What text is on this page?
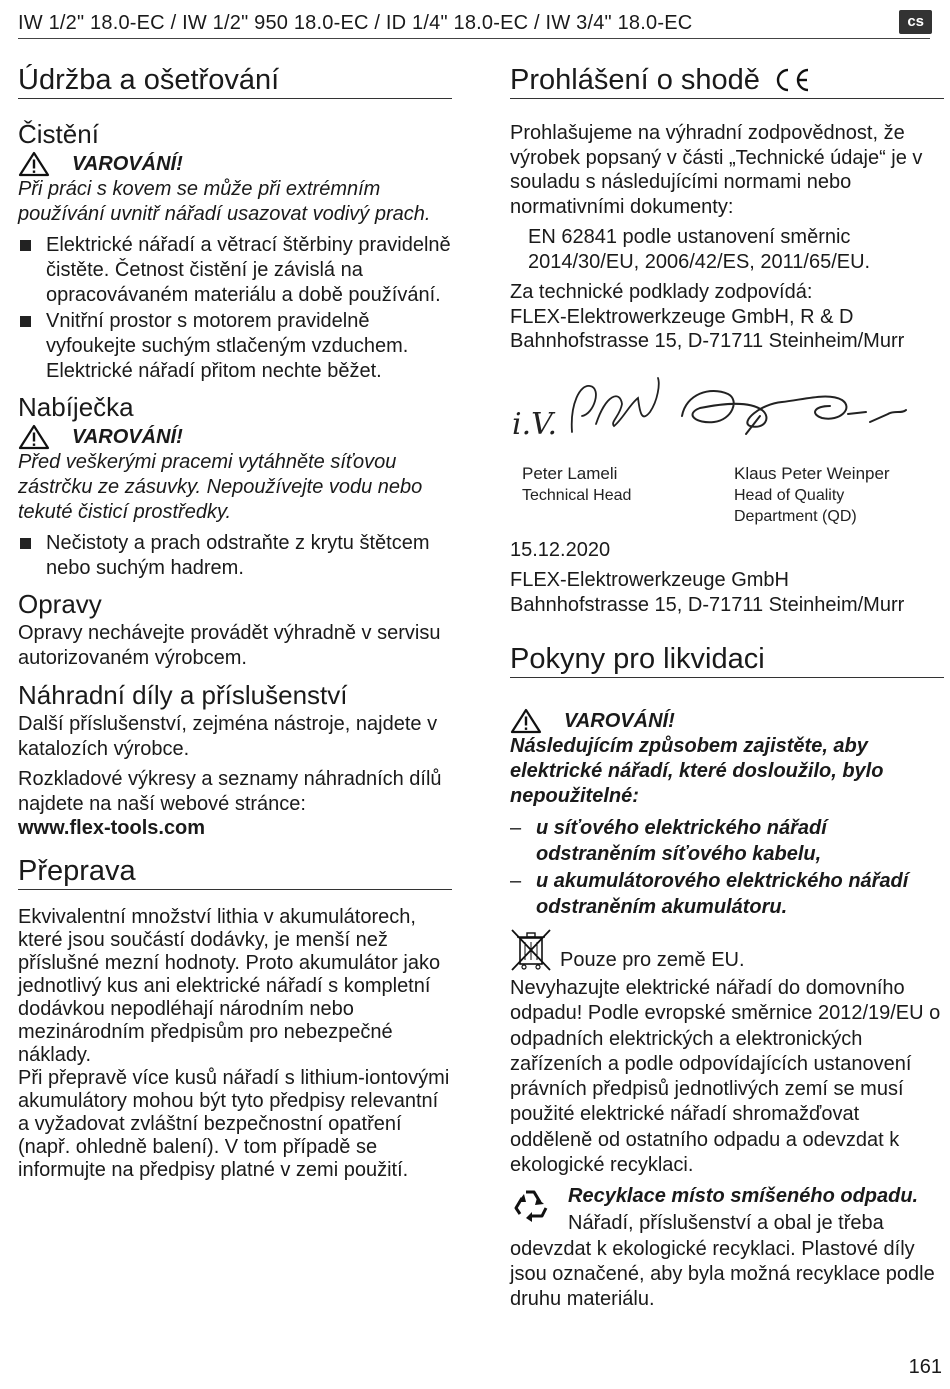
IW 1/2" 18.0-EC / IW 1/2" 950 18.0-EC / ID 1/4" 18.0-EC / IW 3/4" 18.0-EC	cs
Údržba a ošetřování
Čistění
VAROVÁNÍ!
Při práci s kovem se může při extrémním používání uvnitř nářadí usazovat vodivý prach.
Elektrické nářadí a větrací štěrbiny pravidelně čistěte. Četnost čistění je závislá na opracovávaném materiálu a době používání.
Vnitřní prostor s motorem pravidelně vyfoukejte suchým stlačeným vzduchem. Elektrické nářadí přitom nechte běžet.
Nabíječka
VAROVÁNÍ!
Před veškerými pracemi vytáhněte síťovou zástrčku ze zásuvky. Nepoužívejte vodu nebo tekuté čisticí prostředky.
Nečistoty a prach odstraňte z krytu štětcem nebo suchým hadrem.
Opravy

Opravy nechávejte provádět výhradně v servisu autorizovaném výrobcem.

Náhradní díly a příslušenství

Další příslušenství, zejména nástroje, najdete v katalozích výrobce.

Rozkladové výkresy a seznamy náhradních dílů najdete na naší webové stránce:

www.flex-tools.com

Přeprava

Ekvivalentní množství lithia v akumulátorech, které jsou součástí dodávky, je menší než příslušné mezní hodnoty. Proto akumulátor jako jednotlivý kus ani elektrické nářadí s kompletní dodávkou nepodléhají národním nebo mezinárodním předpisům pro nebezpečné náklady.

Při přepravě více kusů nářadí s lithium-iontovými akumulátory mohou být tyto předpisy relevantní a vyžadovat zvláštní bezpečnostní opatření (např. ohledně balení). V tom případě se informujte na předpisy platné v zemi použití.

Prohlášení o shodě

Prohlašujeme na výhradní zodpovědnost, že výrobek popsaný v části „Technické údaje“ je v souladu s následujícími normami nebo normativními dokumenty:

EN 62841 podle ustanovení směrnic 2014/30/EU, 2006/42/ES, 2011/65/EU.

Za technické podklady zodpovídá:

FLEX-Elektrowerkzeuge GmbH, R & D

Bahnhofstrasse 15, D-71711 Steinheim/Murr

i.V.
Peter Lameli
Technical Head
Klaus Peter Weinper
Head of Quality
Department (QD)

15.12.2020

FLEX-Elektrowerkzeuge GmbH

Bahnhofstrasse 15, D-71711 Steinheim/Murr

Pokyny pro likvidaci
VAROVÁNÍ!
Následujícím způsobem zajistěte, aby elektrické nářadí, které dosloužilo, bylo nepoužitelné:
– u síťového elektrického nářadí odstraněním síťového kabelu,
– u akumulátorového elektrického nářadí odstraněním akumulátoru.
Pouze pro země EU.

Nevyhazujte elektrické nářadí do domovního odpadu! Podle evropské směrnice 2012/19/EU o odpadních elektrických a elektronických zařízeních a podle odpovídajících ustanovení právních předpisů jednotlivých zemí se musí použité elektrické nářadí shromažďovat odděleně od ostatního odpadu a odevzdat k ekologické recyklaci.

Recyklace místo smíšeného odpadu.

Nářadí, příslušenství a obal je třeba odevzdat k ekologické recyklaci. Plastové díly jsou označené, aby byla možná recyklace podle druhu materiálu.

161
